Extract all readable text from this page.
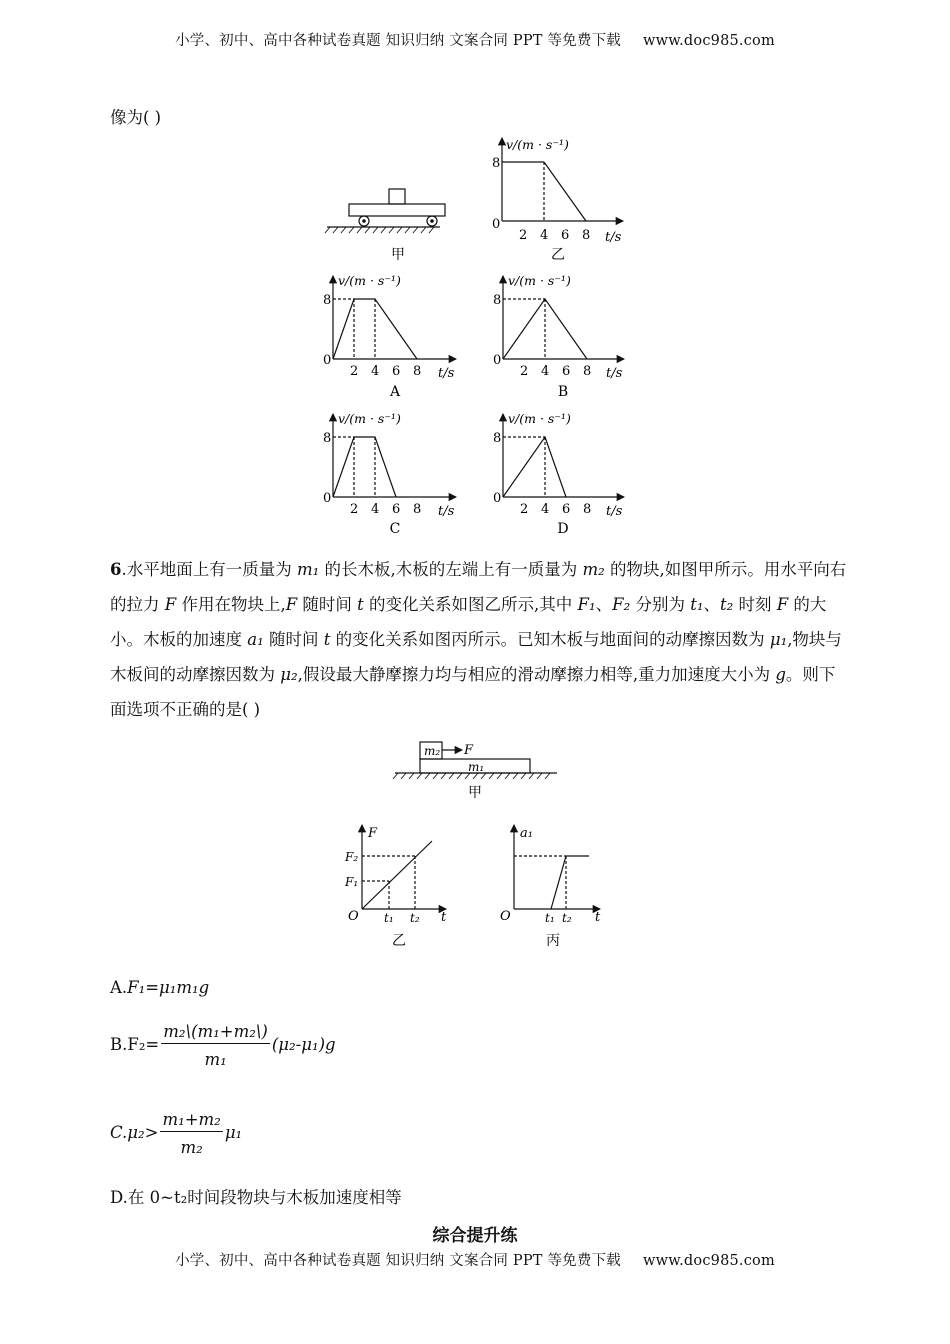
小学、初中、高中各种试卷真题 知识归纳 文案合同 PPT 等免费下载 www.doc985.com
像为( )
甲
v/(m · s⁻¹)
8
0
2 4 6 8 t/s
乙
v/(m · s⁻¹)
8
0
2 4 6 8 t/s
A
v/(m · s⁻¹)
8
0
2 4 6 8 t/s
B
v/(m · s⁻¹)
8
0
2 4 6 8 t/s
C
v/(m · s⁻¹)
8
0
2 4 6 8 t/s
D
6.水平地面上有一质量为 m₁ 的长木板,木板的左端上有一质量为 m₂ 的物块,如图甲所示。用水平向右的拉力 F 作用在物块上,F 随时间 t 的变化关系如图乙所示,其中 F₁、F₂ 分别为 t₁、t₂ 时刻 F 的大小。木板的加速度 a₁ 随时间 t 的变化关系如图丙所示。已知木板与地面间的动摩擦因数为 μ₁,物块与木板间的动摩擦因数为 μ₂,假设最大静摩擦力均与相应的滑动摩擦力相等,重力加速度大小为 g。则下面选项不正确的是( )
m₂ F
m₁
甲
F
F₂
F₁
O t₁ t₂ t
乙
a₁
O	t₁ t₂ t
丙
A.F₁=μ₁m₁g
$B.F_2= \frac{\text{m₂\textbackslash{}(m₁+m₂\textbackslash{})}}{\text{m₁}} (\mu_2-\mu_1)g$
$C.\mu_2> \frac{\text{m₁+m₂}}{\text{m₂}} \mu_1$
D.在 0~t₂时间段物块与木板加速度相等
综合提升练
小学、初中、高中各种试卷真题 知识归纳 文案合同 PPT 等免费下载 www.doc985.com
